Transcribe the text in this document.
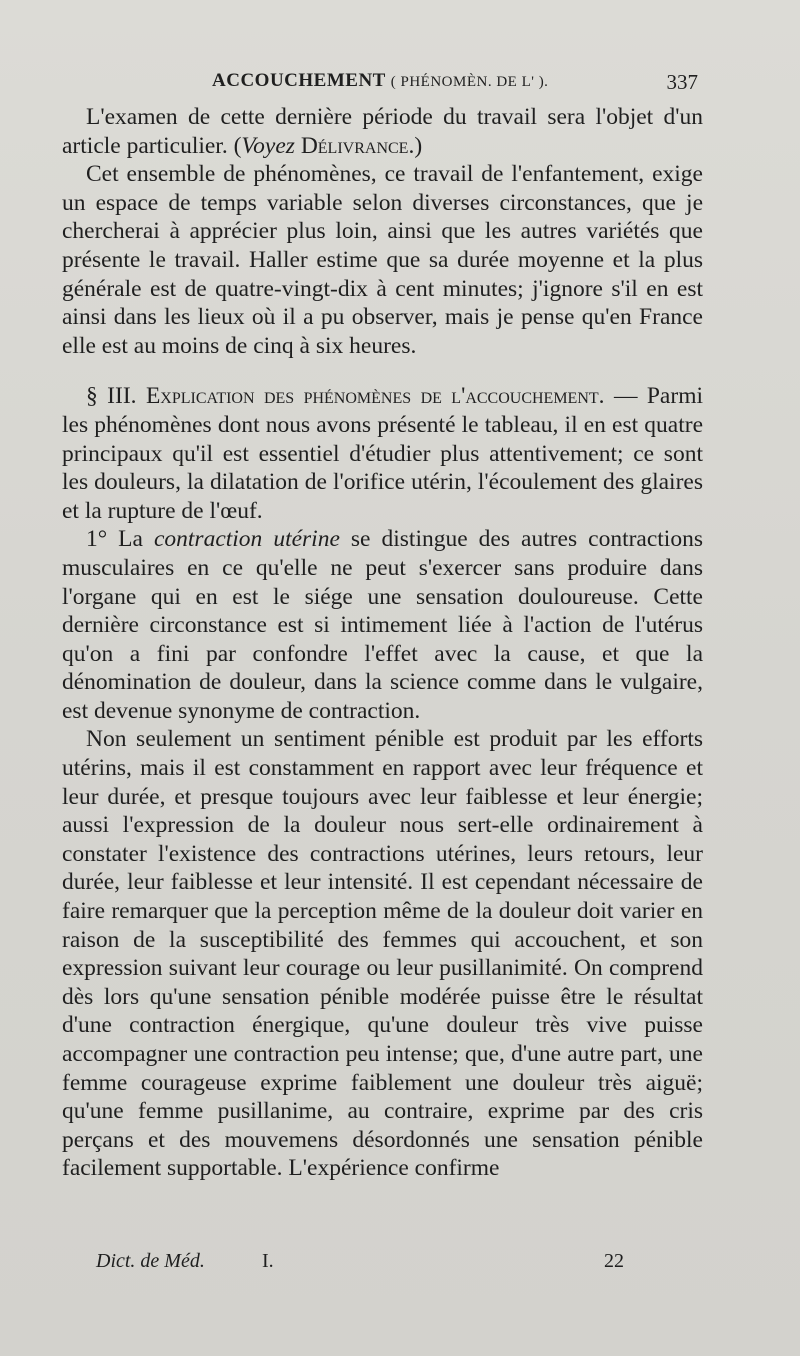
ACCOUCHEMENT ( PHÉNOMÈN. DE L' ).	337

L'examen de cette dernière période du travail sera l'objet d'un article particulier. (Voyez Délivrance.)

Cet ensemble de phénomènes, ce travail de l'enfantement, exige un espace de temps variable selon diverses circonstances, que je chercherai à apprécier plus loin, ainsi que les autres variétés que présente le travail. Haller estime que sa durée moyenne et la plus générale est de quatre-vingt-dix à cent minutes; j'ignore s'il en est ainsi dans les lieux où il a pu observer, mais je pense qu'en France elle est au moins de cinq à six heures.

§ III. Explication des phénomènes de l'accouchement. — Parmi les phénomènes dont nous avons présenté le tableau, il en est quatre principaux qu'il est essentiel d'étudier plus attentivement; ce sont les douleurs, la dilatation de l'orifice utérin, l'écoulement des glaires et la rupture de l'œuf.

1° La contraction utérine se distingue des autres contractions musculaires en ce qu'elle ne peut s'exercer sans produire dans l'organe qui en est le siége une sensation douloureuse. Cette dernière circonstance est si intimement liée à l'action de l'utérus qu'on a fini par confondre l'effet avec la cause, et que la dénomination de douleur, dans la science comme dans le vulgaire, est devenue synonyme de contraction.

Non seulement un sentiment pénible est produit par les efforts utérins, mais il est constamment en rapport avec leur fréquence et leur durée, et presque toujours avec leur faiblesse et leur énergie; aussi l'expression de la douleur nous sert-elle ordinairement à constater l'existence des contractions utérines, leurs retours, leur durée, leur faiblesse et leur intensité. Il est cependant nécessaire de faire remarquer que la perception même de la douleur doit varier en raison de la susceptibilité des femmes qui accouchent, et son expression suivant leur courage ou leur pusillanimité. On comprend dès lors qu'une sensation pénible modérée puisse être le résultat d'une contraction énergique, qu'une douleur très vive puisse accompagner une contraction peu intense; que, d'une autre part, une femme courageuse exprime faiblement une douleur très aiguë; qu'une femme pusillanime, au contraire, exprime par des cris perçans et des mouvemens désordonnés une sensation pénible facilement supportable. L'expérience confirme

Dict. de Méd.	I.	22
